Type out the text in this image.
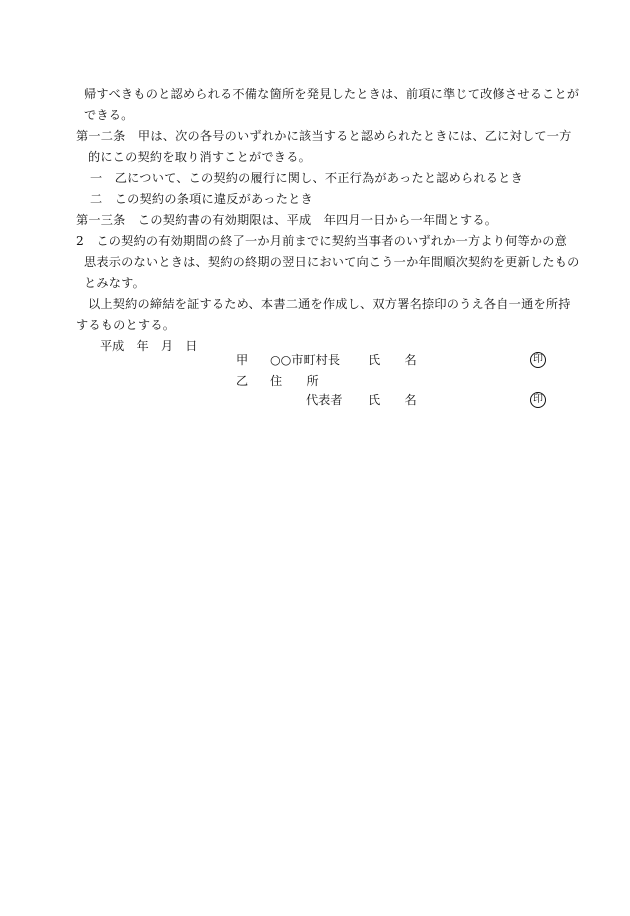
帰すべきものと認められる不備な箇所を発見したときは、前項に準じて改修させることが
できる。
第一二条　甲は、次の各号のいずれかに該当すると認められたときには、乙に対して一方
的にこの契約を取り消すことができる。
一　乙について、この契約の履行に関し、不正行為があったと認められるとき
二　この契約の条項に違反があったとき
第一三条　この契約書の有効期限は、平成　年四月一日から一年間とする。
2　この契約の有効期間の終了一か月前までに契約当事者のいずれか一方より何等かの意
思表示のないときは、契約の終期の翌日において向こう一か年間順次契約を更新したもの
とみなす。
以上契約の締結を証するため、本書二通を作成し、双方署名捺印のうえ各自一通を所持
するものとする。
平成　年　月　日
甲 ○○市町村長 氏　　名	印
乙 住　　所
代表者 氏　　名	印
